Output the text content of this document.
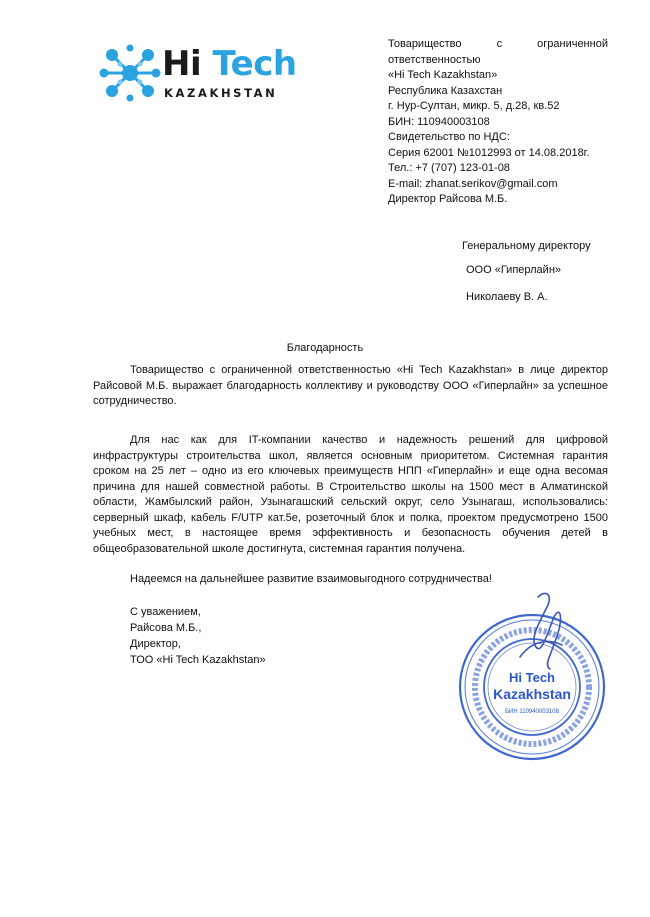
Hi Tech
KAZAKHSTAN
Товарищество	с	ограниченной
ответственностью
«Hi Tech Kazakhstan»
Республика Казахстан
г. Нур-Султан, микр. 5, д.28, кв.52
БИН: 110940003108
Свидетельство по НДС:
Серия 62001 №1012993 от 14.08.2018г.
Тел.: +7 (707) 123-01-08
E-mail: zhanat.serikov@gmail.com
Директор Райсова М.Б.
Генеральному директору
ООО «Гиперлайн»
Николаеву В. А.
Благодарность

Товарищество с ограниченной ответственностью «Hi Tech Kazakhstan» в лице директор Райсовой М.Б. выражает благодарность коллективу и руководству ООО «Гиперлайн» за успешное сотрудничество.

Для нас как для IT-компании качество и надежность решений для цифровой инфраструктуры строительства школ, является основным приоритетом. Системная гарантия сроком на 25 лет – одно из его ключевых преимуществ НПП «Гиперлайн» и еще одна весомая причина для нашей совместной работы. В Строительство школы на 1500 мест в Алматинской области, Жамбылский район, Узынагашский сельский округ, село Узынагаш, использовались: серверный шкаф, кабель F/UTP кат.5е, розеточный блок и полка, проектом предусмотрено 1500 учебных мест, в настоящее время эффективность и безопасность обучения детей в общеобразовательной школе достигнута, системная гарантия получена.

Надеемся на дальнейшее развитие взаимовыгодного сотрудничества!
С уважением,
Райсова М.Б.,
Директор,
ТОО «Hi Tech Kazakhstan»
Hi Tech
Kazakhstan
БИН 110940003108
